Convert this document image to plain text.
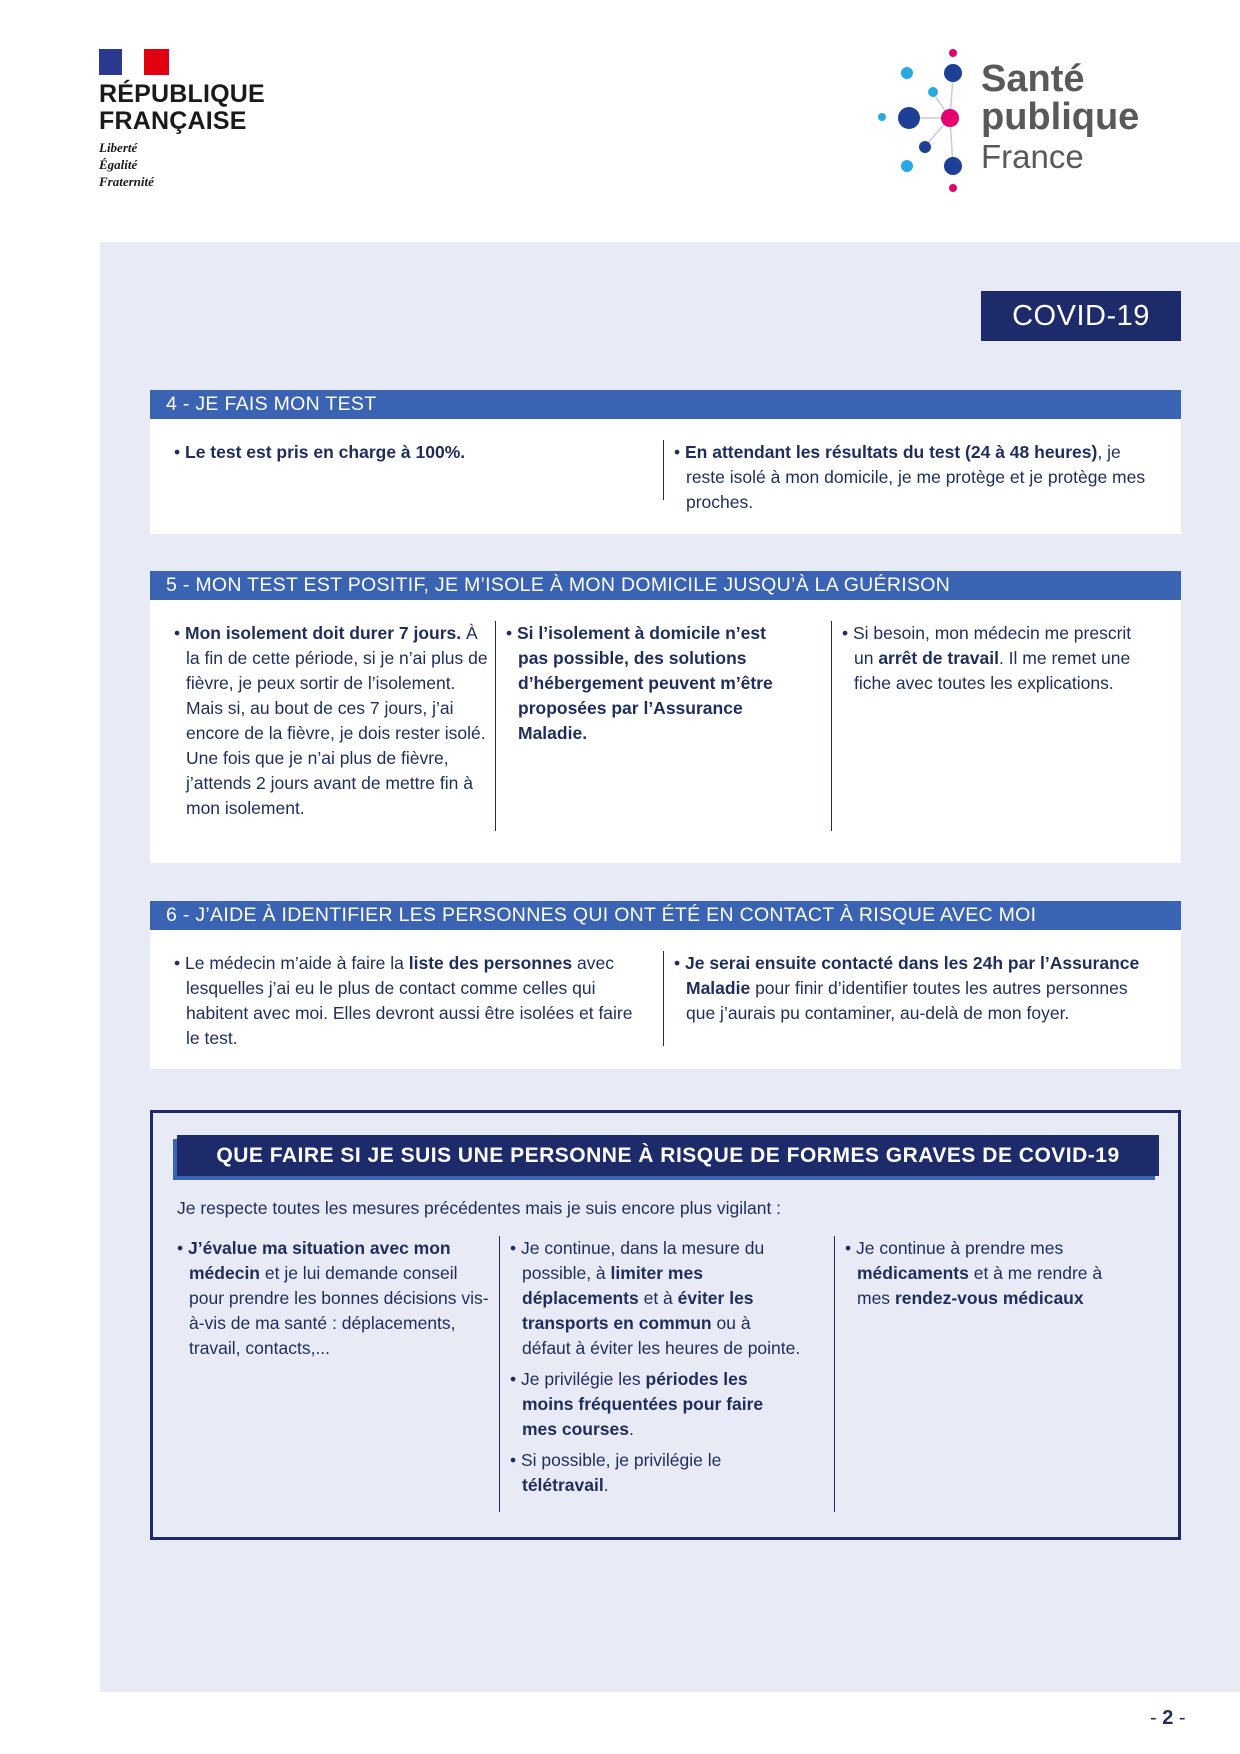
RÉPUBLIQUE
FRANÇAISE
Liberté
Égalité
Fraternité
Santé
publique
France
COVID-19
4 - JE FAIS MON TEST
• Le test est pris en charge à 100%.
•	En attendant les résultats du test (24 à 48 heures), je reste isolé à mon domicile, je me protège et je protège mes proches.
5 - MON TEST EST POSITIF, JE M’ISOLE À MON DOMICILE JUSQU’À LA GUÉRISON
• Mon isolement doit durer 7 jours. À la fin de cette période, si je n’ai plus de fièvre, je peux sortir de l’isolement. Mais si, au bout de ces 7 jours, j’ai encore de la fièvre, je dois rester isolé. Une fois que je n’ai plus de fièvre, j’attends 2 jours avant de mettre fin à mon isolement.
• Si l’isolement à domicile n’est pas possible, des solutions d’hébergement peuvent m’être proposées par l’Assurance Maladie.
• Si besoin, mon médecin me prescrit un arrêt de travail. Il me remet une fiche avec toutes les explications.
6 - J’AIDE À IDENTIFIER LES PERSONNES QUI ONT ÉTÉ EN CONTACT À RISQUE AVEC MOI
• Le médecin m’aide à faire la liste des personnes avec lesquelles j’ai eu le plus de contact comme celles qui habitent avec moi. Elles devront aussi être isolées et faire le test.
• Je serai ensuite contacté dans les 24h par l’Assurance Maladie pour finir d’identifier toutes les autres personnes que j’aurais pu contaminer, au-delà de mon foyer.
QUE FAIRE SI JE SUIS UNE PERSONNE À RISQUE DE FORMES GRAVES DE COVID-19
Je respecte toutes les mesures précédentes mais je suis encore plus vigilant :
• J’évalue ma situation avec mon médecin et je lui demande conseil pour prendre les bonnes décisions vis-à-vis de ma santé : déplacements, travail, contacts,...
• Je continue, dans la mesure du possible, à limiter mes déplacements et à éviter les transports en commun ou à défaut à éviter les heures de pointe.
• Je privilégie les périodes les moins fréquentées pour faire mes courses.
• Si possible, je privilégie le télétravail.
• Je continue à prendre mes médicaments et à me rendre à mes rendez-vous médicaux
- 2 -
